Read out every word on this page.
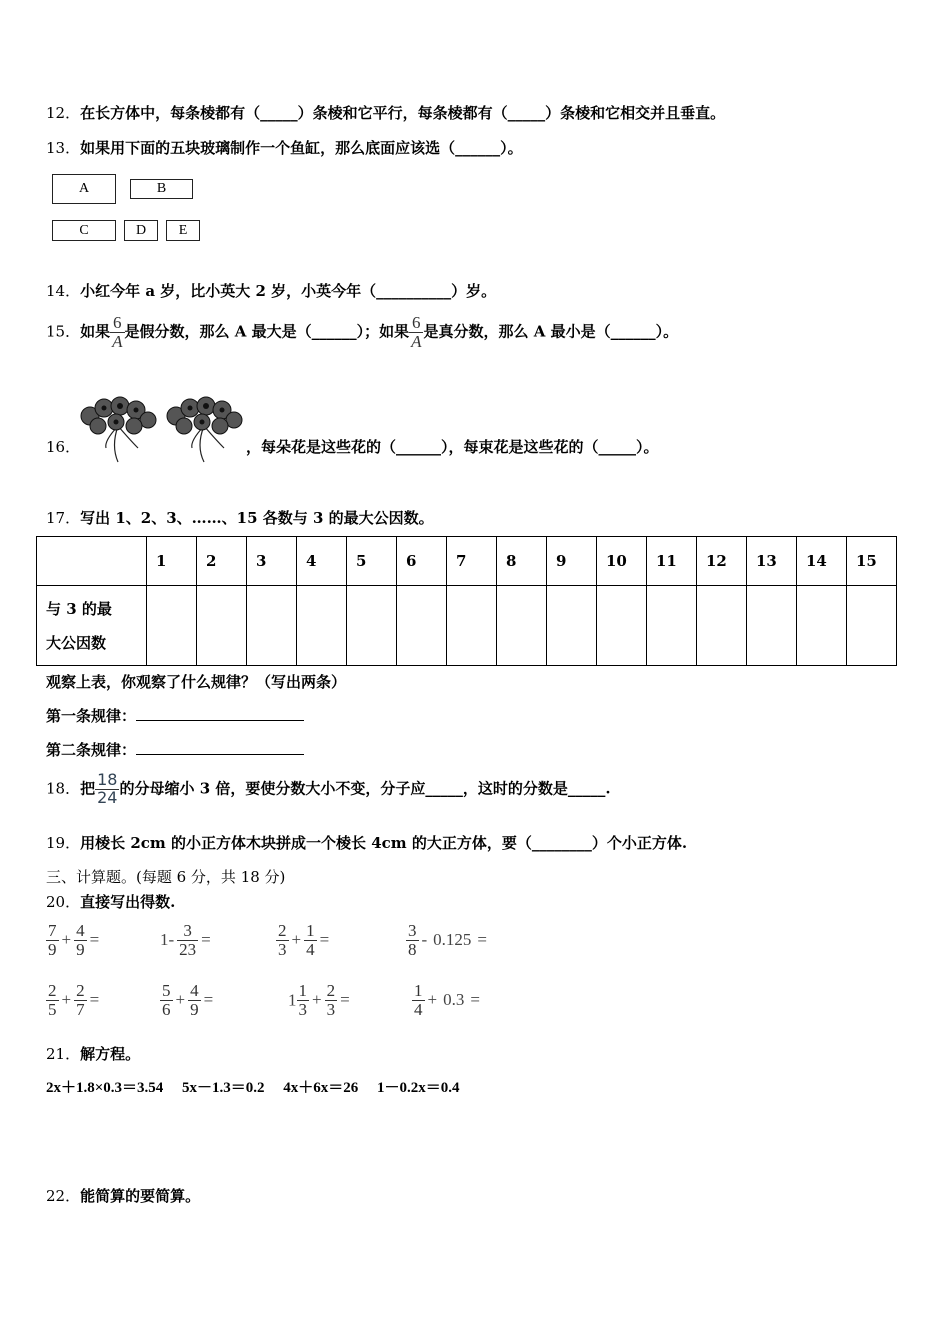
12．在长方体中，每条棱都有（_____）条棱和它平行，每条棱都有（_____）条棱和它相交并且垂直。
13．如果用下面的五块玻璃制作一个鱼缸，那么底面应该选（______）。
A	B
C	D	E
14．小红今年 a 岁，比小英大 2 岁，小英今年（__________）岁。
15．如果 $\frac{6}{A}$ 是假分数，那么 A 最大是（______）；如果 $\frac{6}{A}$ 是真分数，那么 A 最小是（______）。
16．	，每朵花是这些花的（______），每束花是这些花的（_____）。
17．写出 1、2、3、……、15 各数与 3 的最大公因数。
	1	2	3	4	5	6	7	8	9	10	11	12	13	14	15
与 3 的最
大公因数															
观察上表，你观察了什么规律？（写出两条）
第一条规律：
第二条规律：
18．把 $\frac{18}{24}$ 的分母缩小 3 倍，要使分数大小不变，分子应_____，这时的分数是_____.
19．用棱长 2cm 的小正方体木块拼成一个棱长 4cm 的大正方体，要（________）个小正方体.
三、计算题。(每题 6 分，共 18 分)
20．直接写出得数.
$\frac{7}{9} + \frac{4}{9}$ =	$1- \frac{3}{23}$ =	$\frac{2}{3} + \frac{1}{4}$ =	$\frac{3}{8} - 0.125$ =
$\frac{2}{5} + \frac{2}{7}$ =	$\frac{5}{6} + \frac{4}{9}$ =	$1 \frac{1}{3} + \frac{2}{3}$ =	$\frac{1}{4} + 0.3$ =
21．解方程。
2x＋1.8×0.3＝3.54　 5x－1.3＝0.2　 4x＋6x＝26　 1－0.2x＝0.4
22．能简算的要简算。
